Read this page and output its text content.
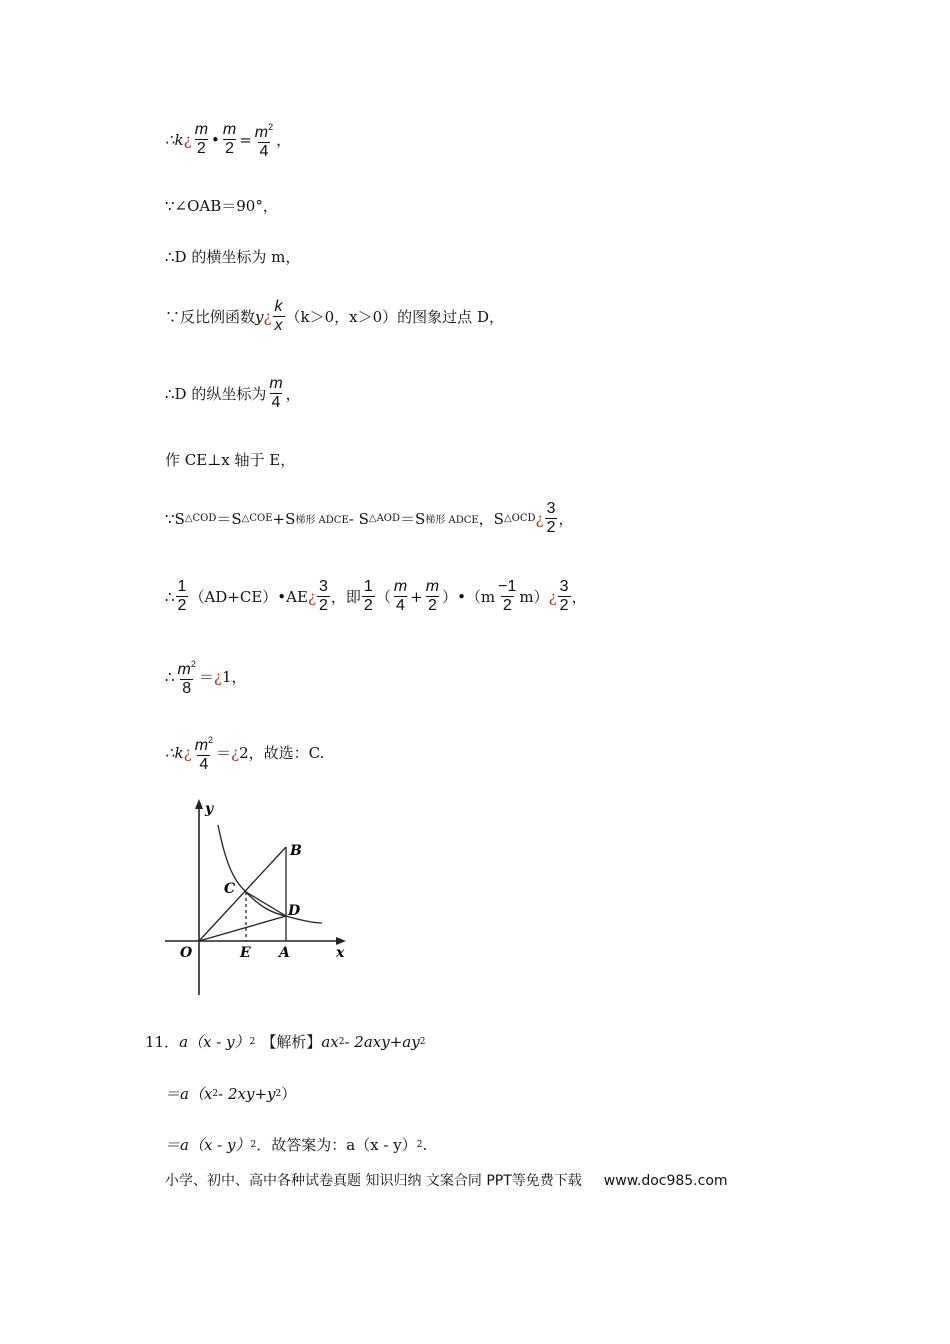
∴k ¿ $\frac{m}{2}$ • $\frac{m}{2} = \frac{m^2}{4}$ ，
∵∠OAB＝90°，
∴D 的横坐标为 m，
∵反比例函数 y ¿ $\frac{k}{x} (k>0$，x＞0）的图象过点 D，
∴D 的纵坐标为 $\frac{m}{4}$ ，
作 CE⊥x 轴于 E，
∵S △COD ＝S △COE +S 梯形 ADCE ‑ S △AOD ＝S 梯形 ADCE ，S △OCD ¿ $\frac{3}{2}$ ，
∴ $\frac{1}{2}$ （AD+CE）•AE ¿ $\frac{3}{2}$ ，即 $\frac{1}{2}$ （ $\frac{m}{4} + \frac{m}{2}$ ）•（m $\frac{-1}{2} m$） ¿ $\frac{3}{2}$ ，
∴ $\frac{m^2}{8}$ ＝ ¿ 1，
∴k ¿ $\frac{m^2}{4}$ ＝ ¿ 2，故选：C.
y
x
O	E A
B
C
D
11． a（x ‑ y） 2 【解析】 ax 2 ‑ 2axy+ay 2
＝a（x 2 ‑ 2xy+y 2 ）
＝a（x ‑ y） 2 ．故答案为：a（x ‑ y） 2 .
小学、初中、高中各种试卷真题 知识归纳 文案合同 PPT等免费下载 www.doc985.com
